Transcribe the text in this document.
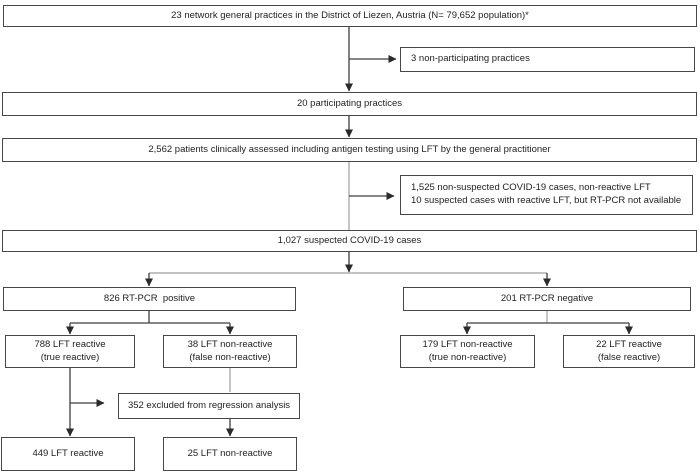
23 network general practices in the District of Liezen, Austria (N= 79,652 population)*
3 non-participating practices
20 participating practices
2,562 patients clinically assessed including antigen testing using LFT by the general practitioner
1,525 non-suspected COVID-19 cases, non-reactive LFT
10 suspected cases with reactive LFT, but RT-PCR not available
1,027 suspected COVID-19 cases
826 RT-PCR  positive	201 RT-PCR negative
788 LFT reactive
(true reactive)
38 LFT non-reactive
(false non-reactive)
179 LFT non-reactive
(true non-reactive)
22 LFT reactive
(false reactive)
352 excluded from regression analysis
449 LFT reactive	25 LFT non-reactive
